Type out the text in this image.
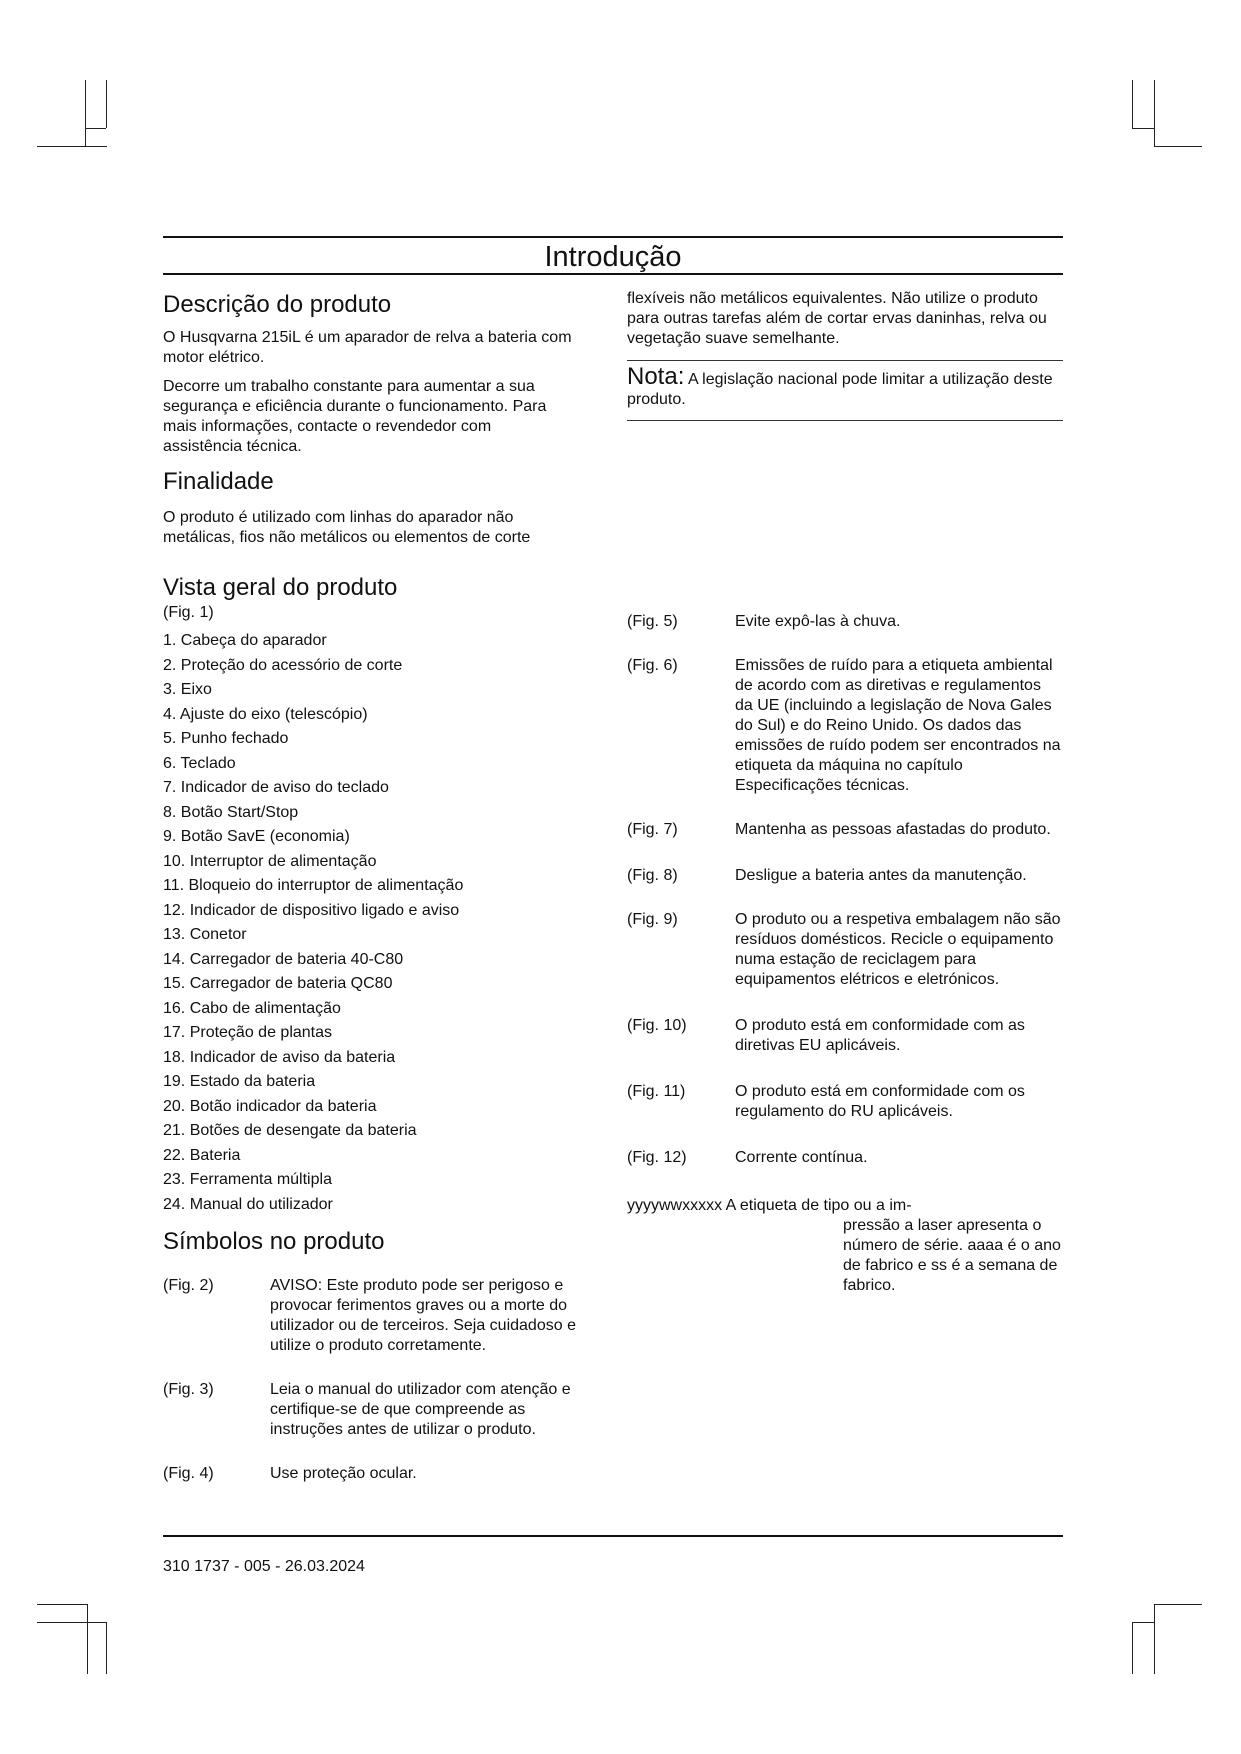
Introdução
Descrição do produto

O Husqvarna 215iL é um aparador de relva a bateria com motor elétrico.

Decorre um trabalho constante para aumentar a sua segurança e eficiência durante o funcionamento. Para mais informações, contacte o revendedor com assistência técnica.

Finalidade

O produto é utilizado com linhas do aparador não metálicas, fios não metálicos ou elementos de corte

flexíveis não metálicos equivalentes. Não utilize o produto para outras tarefas além de cortar ervas daninhas, relva ou vegetação suave semelhante.

Nota: A legislação nacional pode limitar a utilização deste produto.

Vista geral do produto
(Fig. 1)
1. Cabeça do aparador
2. Proteção do acessório de corte
3. Eixo
4. Ajuste do eixo (telescópio)
5. Punho fechado
6. Teclado
7. Indicador de aviso do teclado
8. Botão Start/Stop
9. Botão SavE (economia)
10. Interruptor de alimentação
11. Bloqueio do interruptor de alimentação
12. Indicador de dispositivo ligado e aviso
13. Conetor
14. Carregador de bateria 40-C80
15. Carregador de bateria QC80
16. Cabo de alimentação
17. Proteção de plantas
18. Indicador de aviso da bateria
19. Estado da bateria
20. Botão indicador da bateria
21. Botões de desengate da bateria
22. Bateria
23. Ferramenta múltipla
24. Manual do utilizador
Símbolos no produto
(Fig. 2)	AVISO: Este produto pode ser perigoso e provocar ferimentos graves ou a morte do utilizador ou de terceiros. Seja cuidadoso e utilize o produto corretamente.
(Fig. 3)	Leia o manual do utilizador com atenção e certifique-se de que compreende as instruções antes de utilizar o produto.
(Fig. 4)	Use proteção ocular.
(Fig. 5)	Evite expô-las à chuva.
(Fig. 6)	Emissões de ruído para a etiqueta ambiental de acordo com as diretivas e regulamentos da UE (incluindo a legislação de Nova Gales do Sul) e do Reino Unido. Os dados das emissões de ruído podem ser encontrados na etiqueta da máquina no capítulo Especificações técnicas.
(Fig. 7)	Mantenha as pessoas afastadas do produto.
(Fig. 8)	Desligue a bateria antes da manutenção.
(Fig. 9)	O produto ou a respetiva embalagem não são resíduos domésticos. Recicle o equipamento numa estação de reciclagem para equipamentos elétricos e eletrónicos.
(Fig. 10)	O produto está em conformidade com as diretivas EU aplicáveis.
(Fig. 11)	O produto está em conformidade com os regulamento do RU aplicáveis.
(Fig. 12)	Corrente contínua.
yyyywwxxxxx A etiqueta de tipo ou a im-
pressão a laser apresenta o número de série. aaaa é o ano de fabrico e ss é a semana de fabrico.
310 1737 - 005 - 26.03.2024
